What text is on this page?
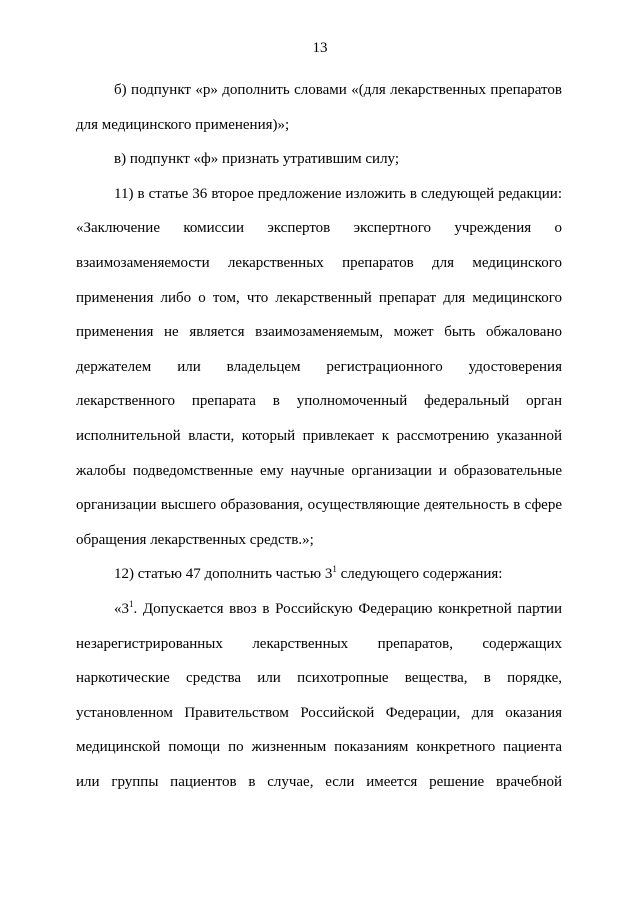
13

б) подпункт «р» дополнить словами «(для лекарственных препаратов для медицинского применения)»;

в) подпункт «ф» признать утратившим силу;

11) в статье 36 второе предложение изложить в следующей редакции: «Заключение комиссии экспертов экспертного учреждения о взаимозаменяемости лекарственных препаратов для медицинского применения либо о том, что лекарственный препарат для медицинского применения не является взаимозаменяемым, может быть обжаловано держателем или владельцем регистрационного удостоверения лекарственного препарата в уполномоченный федеральный орган исполнительной власти, который привлекает к рассмотрению указанной жалобы подведомственные ему научные организации и образовательные организации высшего образования, осуществляющие деятельность в сфере обращения лекарственных средств.»;

12) статью 47 дополнить частью $3^1$ следующего содержания:

«$3^1$. Допускается ввоз в Российскую Федерацию конкретной партии незарегистрированных лекарственных препаратов, содержащих наркотические средства или психотропные вещества, в порядке, установленном Правительством Российской Федерации, для оказания медицинской помощи по жизненным показаниям конкретного пациента или группы пациентов в случае, если имеется решение врачебной
